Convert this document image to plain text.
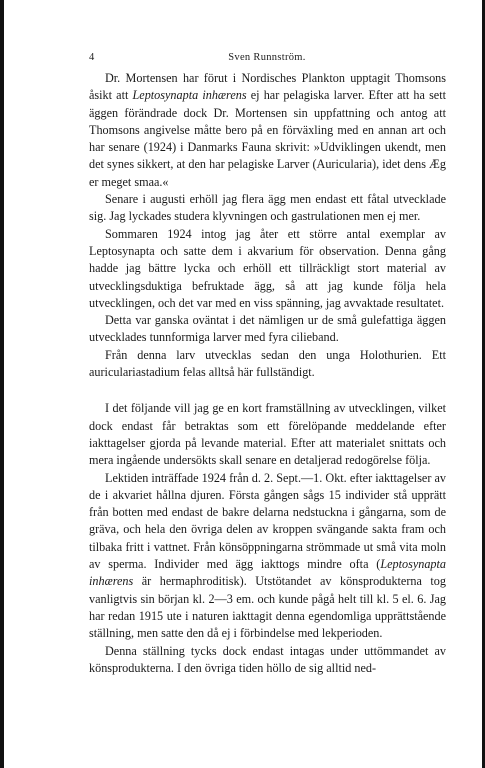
4	Sven Runnström.

Dr. Mortensen har förut i Nordisches Plankton upptagit Thomsons åsikt att Leptosynapta inhærens ej har pelagiska larver. Efter att ha sett äggen förändrade dock Dr. Mortensen sin uppfattning och antog att Thomsons angivelse måtte bero på en förväxling med en annan art och har senare (1924) i Danmarks Fauna skrivit: »Udviklingen ukendt, men det synes sikkert, at den har pelagiske Larver (Auricularia), idet dens Æg er meget smaa.«

Senare i augusti erhöll jag flera ägg men endast ett fåtal utvecklade sig. Jag lyckades studera klyvningen och gastrulationen men ej mer.

Sommaren 1924 intog jag åter ett större antal exemplar av Leptosynapta och satte dem i akvarium för observation. Denna gång hadde jag bättre lycka och erhöll ett tillräckligt stort material av utvecklingsduktiga befruktade ägg, så att jag kunde följa hela utvecklingen, och det var med en viss spänning, jag avvaktade resultatet.

Detta var ganska oväntat i det nämligen ur de små gulefattiga äggen utvecklades tunnformiga larver med fyra cilieband.

Från denna larv utvecklas sedan den unga Holothurien. Ett auriculariastadium felas alltså här fullständigt.

I det följande vill jag ge en kort framställning av utvecklingen, vilket dock endast får betraktas som ett förelöpande meddelande efter iakttagelser gjorda på levande material. Efter att materialet snittats och mera ingående undersökts skall senare en detaljerad redogörelse följa.

Lektiden inträffade 1924 från d. 2. Sept.—1. Okt. efter iakttagelser av de i akvariet hållna djuren. Första gången sågs 15 individer stå upprätt från botten med endast de bakre delarna nedstuckna i gångarna, som de gräva, och hela den övriga delen av kroppen svängande sakta fram och tilbaka fritt i vattnet. Från könsöppningarna strömmade ut små vita moln av sperma. Individer med ägg iakttogs mindre ofta (Leptosynapta inhærens är hermaphroditisk). Utstötandet av könsprodukterna tog vanligtvis sin början kl. 2—3 em. och kunde pågå helt till kl. 5 el. 6. Jag har redan 1915 ute i naturen iakttagit denna egendomliga upprättstående ställning, men satte den då ej i förbindelse med lekperioden.

Denna ställning tycks dock endast intagas under uttömmandet av könsprodukterna. I den övriga tiden höllo de sig alltid ned-
